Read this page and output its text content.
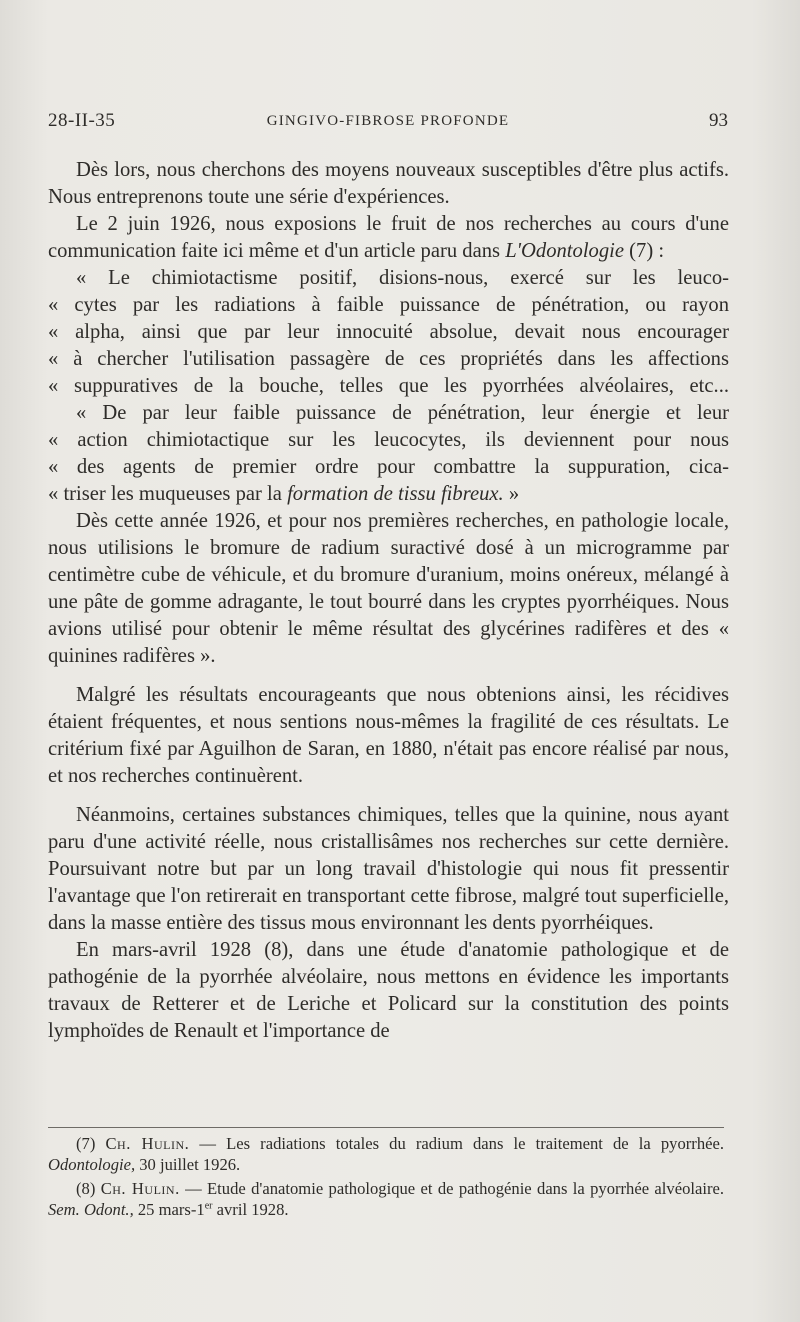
28-II-35	GINGIVO-FIBROSE PROFONDE	93

Dès lors, nous cherchons des moyens nouveaux susceptibles d'être plus actifs. Nous entreprenons toute une série d'expériences.

Le 2 juin 1926, nous exposions le fruit de nos recherches au cours d'une communication faite ici même et d'un article paru dans L'Odontologie (7) :

« Le chimiotactisme positif, disions-nous, exercé sur les leuco-
« cytes par les radiations à faible puissance de pénétration, ou rayon
« alpha, ainsi que par leur innocuité absolue, devait nous encourager
« à chercher l'utilisation passagère de ces propriétés dans les affections
« suppuratives de la bouche, telles que les pyorrhées alvéolaires, etc...
« De par leur faible puissance de pénétration, leur énergie et leur
« action chimiotactique sur les leucocytes, ils deviennent pour nous
« des agents de premier ordre pour combattre la suppuration, cica-
« triser les muqueuses par la formation de tissu fibreux. »

Dès cette année 1926, et pour nos premières recherches, en pathologie locale, nous utilisions le bromure de radium suractivé dosé à un microgramme par centimètre cube de véhicule, et du bromure d'uranium, moins onéreux, mélangé à une pâte de gomme adragante, le tout bourré dans les cryptes pyorrhéiques. Nous avions utilisé pour obtenir le même résultat des glycérines radifères et des « quinines radifères ».

Malgré les résultats encourageants que nous obtenions ainsi, les récidives étaient fréquentes, et nous sentions nous-mêmes la fragilité de ces résultats. Le critérium fixé par Aguilhon de Saran, en 1880, n'était pas encore réalisé par nous, et nos recherches continuèrent.

Néanmoins, certaines substances chimiques, telles que la quinine, nous ayant paru d'une activité réelle, nous cristallisâmes nos recherches sur cette dernière. Poursuivant notre but par un long travail d'histologie qui nous fit pressentir l'avantage que l'on retirerait en transportant cette fibrose, malgré tout superficielle, dans la masse entière des tissus mous environnant les dents pyorrhéiques.

En mars-avril 1928 (8), dans une étude d'anatomie pathologique et de pathogénie de la pyorrhée alvéolaire, nous mettons en évidence les importants travaux de Retterer et de Leriche et Policard sur la constitution des points lymphoïdes de Renault et l'importance de

(7) Ch. Hulin. — Les radiations totales du radium dans le traitement de la pyorrhée. Odontologie, 30 juillet 1926.

(8) Ch. Hulin. — Etude d'anatomie pathologique et de pathogénie dans la pyorrhée alvéolaire. Sem. Odont., 25 mars-1er avril 1928.
